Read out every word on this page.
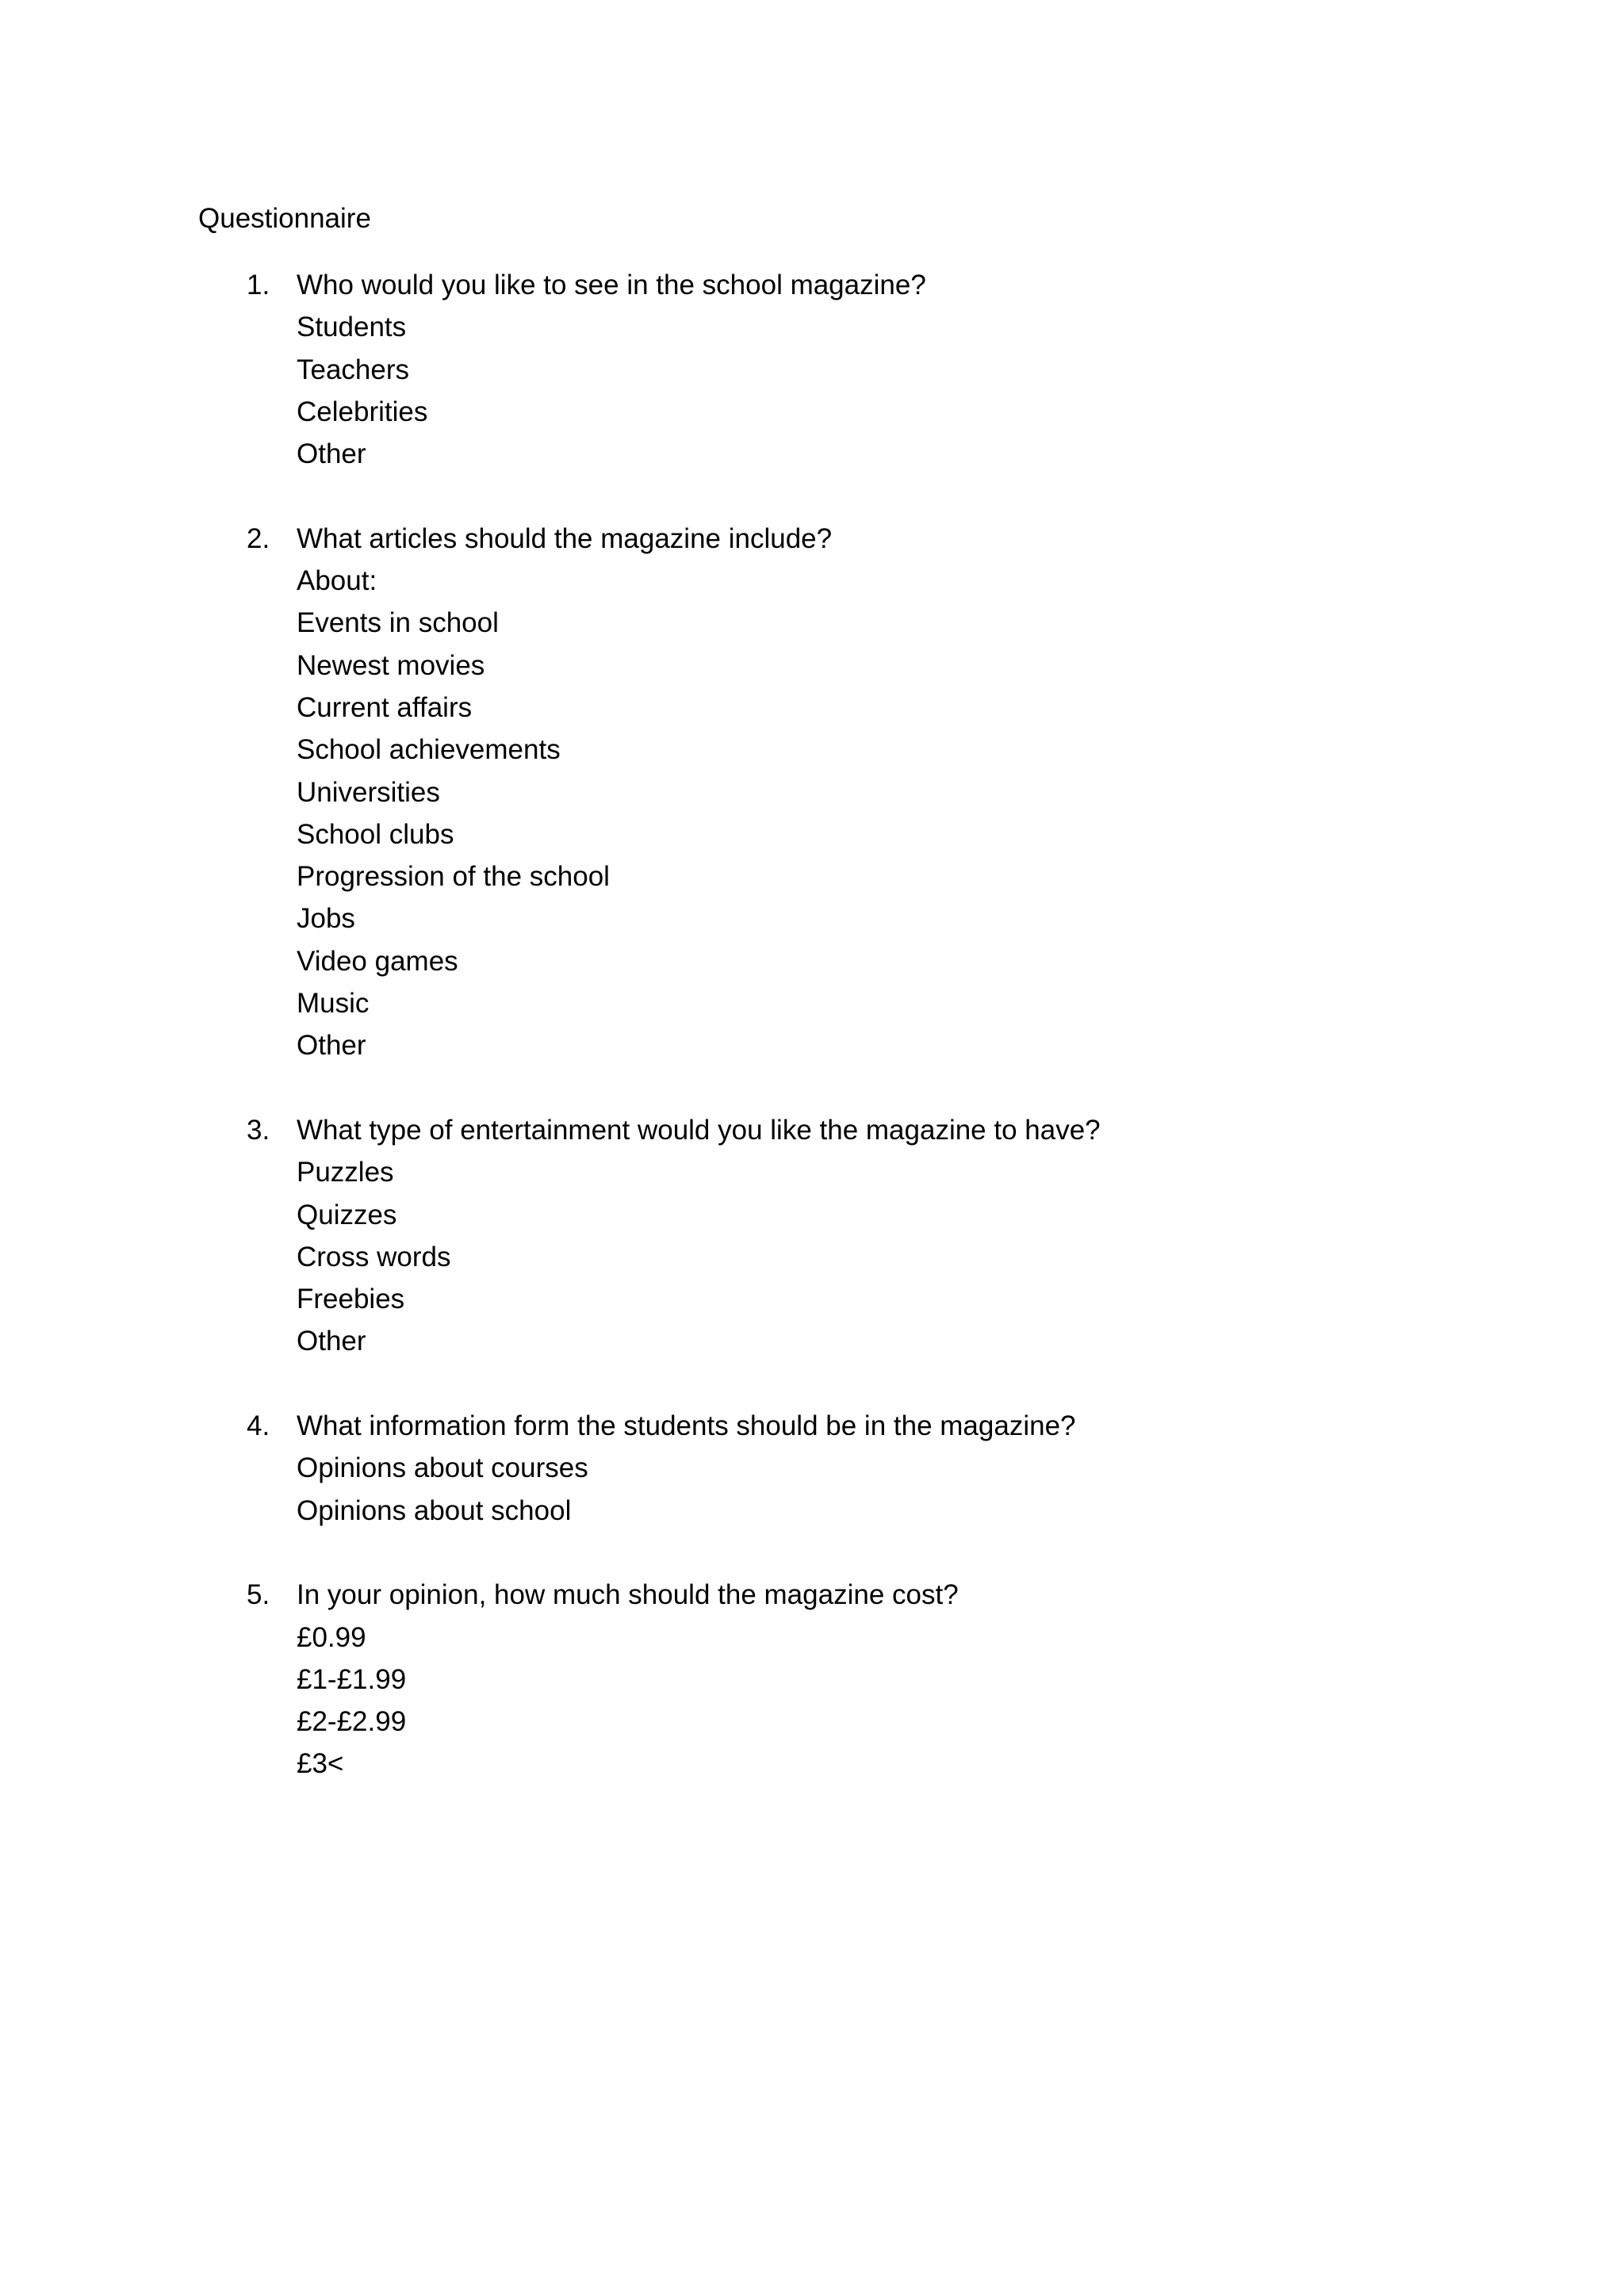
Questionnaire
1. Who would you like to see in the school magazine?
Students
Teachers
Celebrities
Other
2. What articles should the magazine include?
About:
Events in school
Newest movies
Current affairs
School achievements
Universities
School clubs
Progression of the school
Jobs
Video games
Music
Other
3. What type of entertainment would you like the magazine to have?
Puzzles
Quizzes
Cross words
Freebies
Other
4. What information form the students should be in the magazine?
Opinions about courses
Opinions about school
5. In your opinion, how much should the magazine cost?
£0.99
£1-£1.99
£2-£2.99
£3<
